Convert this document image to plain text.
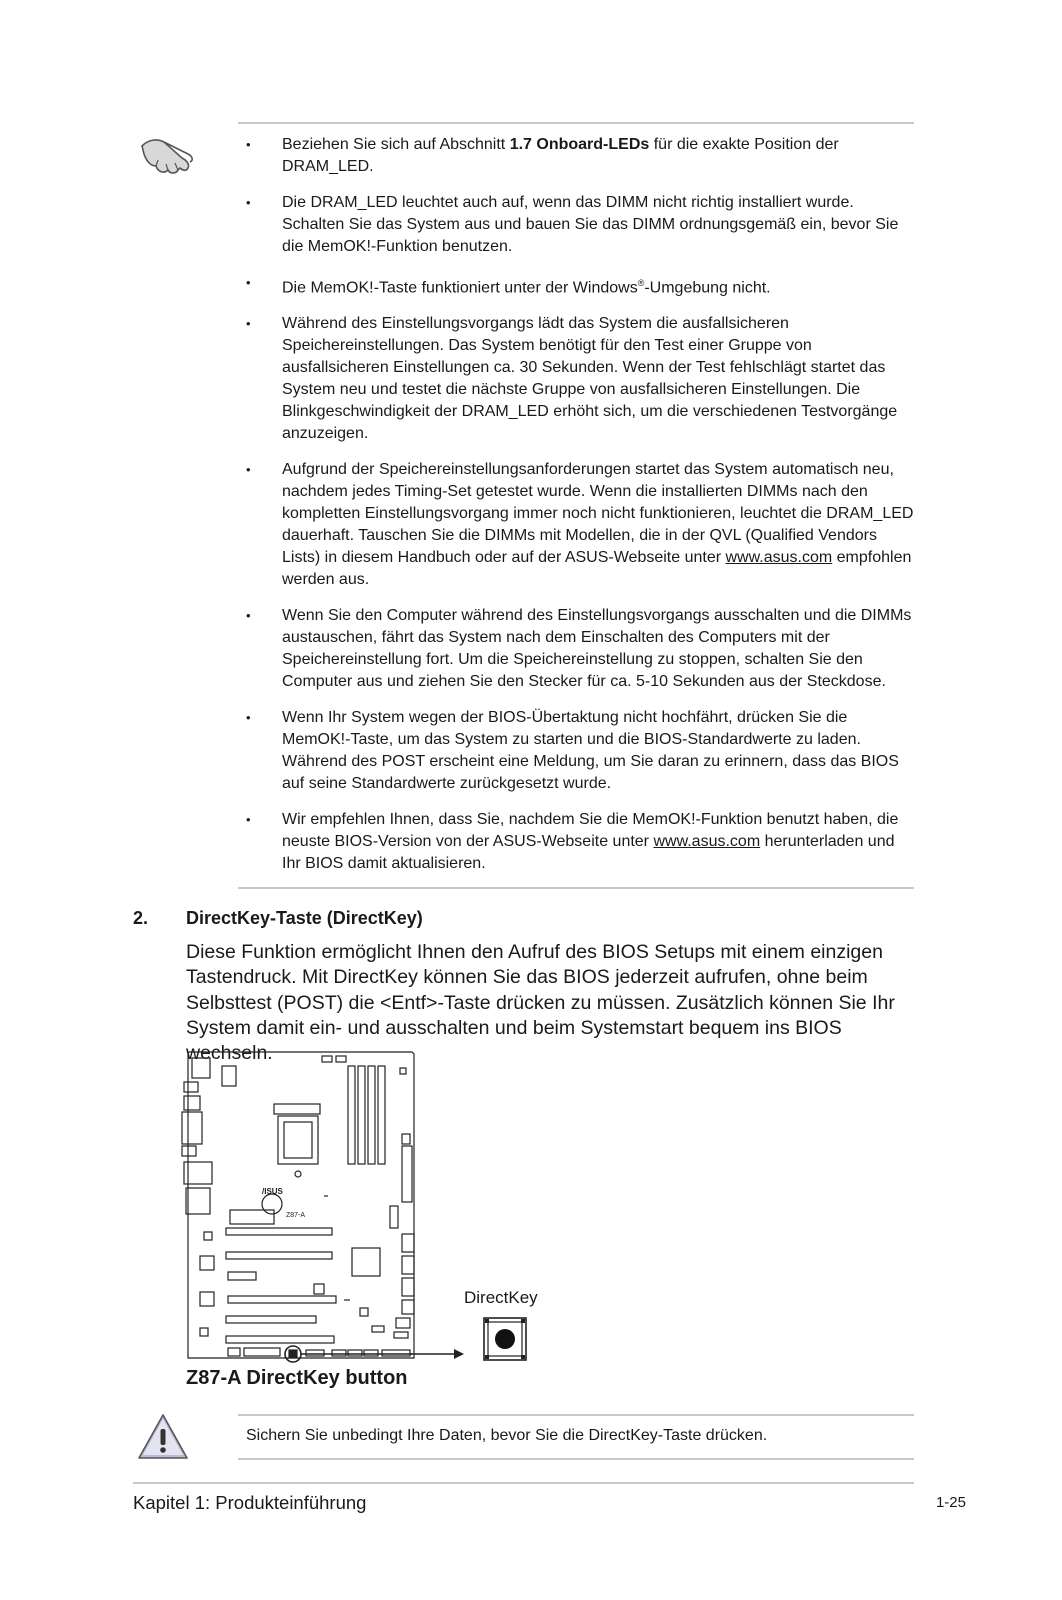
• Beziehen Sie sich auf Abschnitt 1.7 Onboard-LEDs für die exakte Position der DRAM_LED.
• Die DRAM_LED leuchtet auch auf, wenn das DIMM nicht richtig installiert wurde. Schalten Sie das System aus und bauen Sie das DIMM ordnungsgemäß ein, bevor Sie die MemOK!-Funktion benutzen.
• Die MemOK!-Taste funktioniert unter der Windows®-Umgebung nicht.
• Während des Einstellungsvorgangs lädt das System die ausfallsicheren Speichereinstellungen. Das System benötigt für den Test einer Gruppe von ausfallsicheren Einstellungen ca. 30 Sekunden. Wenn der Test fehlschlägt startet das System neu und testet die nächste Gruppe von ausfallsicheren Einstellungen. Die Blinkgeschwindigkeit der DRAM_LED erhöht sich, um die verschiedenen Testvorgänge anzuzeigen.
• Aufgrund der Speichereinstellungsanforderungen startet das System automatisch neu, nachdem jedes Timing-Set getestet wurde. Wenn die installierten DIMMs nach den kompletten Einstellungsvorgang immer noch nicht funktionieren, leuchtet die DRAM_LED dauerhaft. Tauschen Sie die DIMMs mit Modellen, die in der QVL (Qualified Vendors Lists) in diesem Handbuch oder auf der ASUS-Webseite unter www.asus.com empfohlen werden aus.
• Wenn Sie den Computer während des Einstellungsvorgangs ausschalten und die DIMMs austauschen, fährt das System nach dem Einschalten des Computers mit der Speichereinstellung fort. Um die Speichereinstellung zu stoppen, schalten Sie den Computer aus und ziehen Sie den Stecker für ca. 5-10 Sekunden aus der Steckdose.
• Wenn Ihr System wegen der BIOS-Übertaktung nicht hochfährt, drücken Sie die MemOK!-Taste, um das System zu starten und die BIOS-Standardwerte zu laden. Während des POST erscheint eine Meldung, um Sie daran zu erinnern, dass das BIOS auf seine Standardwerte zurückgesetzt wurde.
• Wir empfehlen Ihnen, dass Sie, nachdem Sie die MemOK!-Funktion benutzt haben, die neuste BIOS-Version von der ASUS-Webseite unter www.asus.com herunterladen und Ihr BIOS damit aktualisieren.
2. DirectKey-Taste (DirectKey)
Diese Funktion ermöglicht Ihnen den Aufruf des BIOS Setups mit einem einzigen Tastendruck. Mit DirectKey können Sie das BIOS jederzeit aufrufen, ohne beim Selbsttest (POST) die <Entf>-Taste drücken zu müssen. Zusätzlich können Sie Ihr System damit ein- und ausschalten und beim Systemstart bequem ins BIOS wechseln.
/ISUS
Z87-A
DirectKey
Z87-A DirectKey button
Sichern Sie unbedingt Ihre Daten, bevor Sie die DirectKey-Taste drücken.
Kapitel 1: Produkteinführung	1-25
